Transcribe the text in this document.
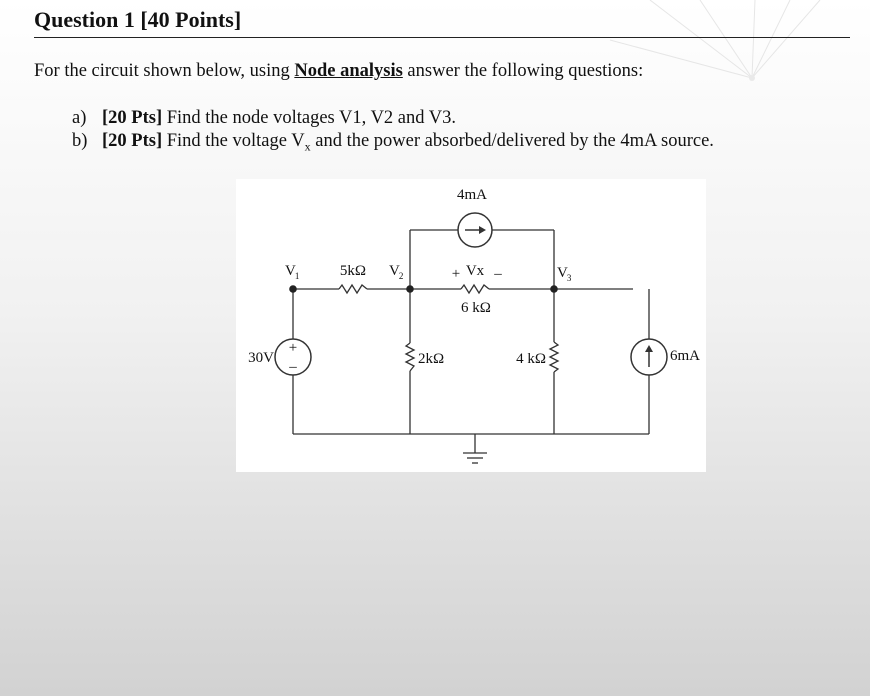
Question 1 [40 Points]
For the circuit shown below, using Node analysis answer the following questions:
a) [20 Pts] Find the node voltages V1, V2 and V3.
b) [20 Pts] Find the voltage $V_x$ and the power absorbed/delivered by the 4mA source.
+
–
4mA
V1	5kΩ V2	+ Vx –
6 kΩ
V3
30V	2kΩ	4 kΩ	6mA
